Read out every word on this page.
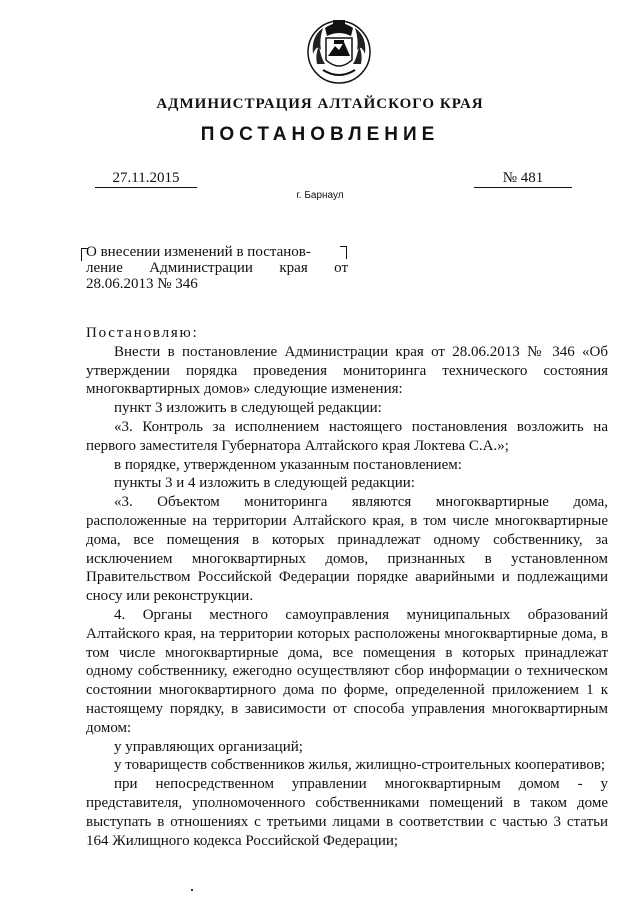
АДМИНИСТРАЦИЯ АЛТАЙСКОГО КРАЯ
ПОСТАНОВЛЕНИЕ
27.11.2015	№ 481
г. Барнаул
О внесении изменений в постанов-
ление Администрации края от
28.06.2013 № 346

Постановляю:

Внести в постановление Администрации края от 28.06.2013 № 346 «Об утверждении порядка проведения мониторинга технического состояния многоквартирных домов» следующие изменения:

пункт 3 изложить в следующей редакции:

«3. Контроль за исполнением настоящего постановления возложить на первого заместителя Губернатора Алтайского края Локтева С.А.»;

в порядке, утвержденном указанным постановлением:

пункты 3 и 4 изложить в следующей редакции:

«3. Объектом мониторинга являются многоквартирные дома, расположенные на территории Алтайского края, в том числе многоквартирные дома, все помещения в которых принадлежат одному собственнику, за исключением многоквартирных домов, признанных в установленном Правительством Российской Федерации порядке аварийными и подлежащими сносу или реконструкции.

4. Органы местного самоуправления муниципальных образований Алтайского края, на территории которых расположены многоквартирные дома, в том числе многоквартирные дома, все помещения в которых принадлежат одному собственнику, ежегодно осуществляют сбор информации о техническом состоянии многоквартирного дома по форме, определенной приложением 1 к настоящему порядку, в зависимости от способа управления многоквартирным домом:

у управляющих организаций;

у товариществ собственников жилья, жилищно-строительных кооперативов;

при непосредственном управлении многоквартирным домом - у представителя, уполномоченного собственниками помещений в таком доме выступать в отношениях с третьими лицами в соответствии с частью 3 статьи 164 Жилищного кодекса Российской Федерации;
